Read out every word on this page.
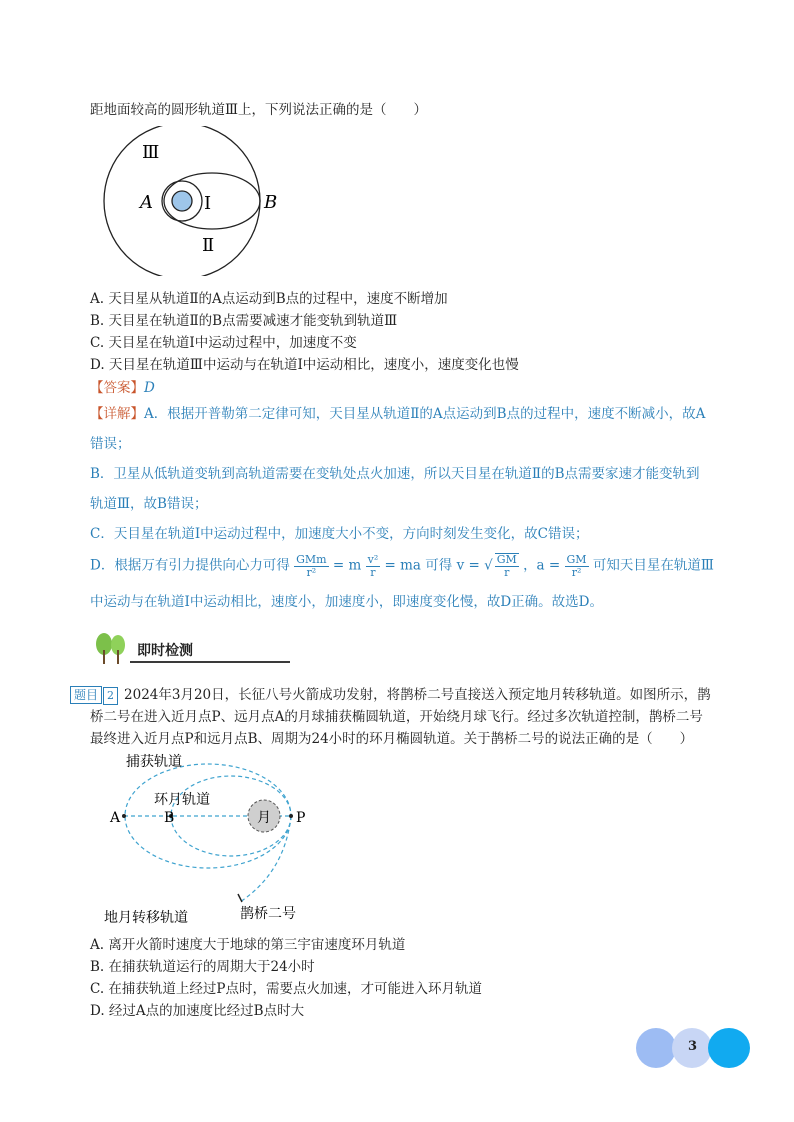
距地面较高的圆形轨道Ⅲ上，下列说法正确的是（　　）
Ⅲ
Ⅰ
Ⅱ
A	B
A. 天目星从轨道Ⅱ的A点运动到B点的过程中，速度不断增加
B. 天目星在轨道Ⅱ的B点需要减速才能变轨到轨道Ⅲ
C. 天目星在轨道Ⅰ中运动过程中，加速度不变
D. 天目星在轨道Ⅲ中运动与在轨道Ⅰ中运动相比，速度小，速度变化也慢
【答案】D
【详解】A．根据开普勒第二定律可知，天目星从轨道Ⅱ的A点运动到B点的过程中，速度不断减小，故A
错误；
B．卫星从低轨道变轨到高轨道需要在变轨处点火加速，所以天目星在轨道Ⅱ的B点需要家速才能变轨到
轨道Ⅲ，故B错误；
C．天目星在轨道Ⅰ中运动过程中，加速度大小不变，方向时刻发生变化，故C错误；
D．根据万有引力提供向心力可得 $\frac{\text{GMm}}{\text{r²}} = m \frac{\text{v²}}{r}$ = ma 可得 v = √ $\frac{GM}{r}$ ，$a = \frac{GM}{\text{r²}}$ 可知天目星在轨道Ⅲ
中运动与在轨道Ⅰ中运动相比，速度小，加速度小，即速度变化慢，故D正确。故选D。
即时检测
题目 2 2024年3月20日，长征八号火箭成功发射，将鹊桥二号直接送入预定地月转移轨道。如图所示，鹊
桥二号在进入近月点P、远月点A的月球捕获椭圆轨道，开始绕月球飞行。经过多次轨道控制，鹊桥二号
最终进入近月点P和远月点B、周期为24小时的环月椭圆轨道。关于鹊桥二号的说法正确的是（　　）
月
A	B	P
捕获轨道
环月轨道
地月转移轨道	鹊桥二号
A. 离开火箭时速度大于地球的第三宇宙速度环月轨道
B. 在捕获轨道运行的周期大于24小时
C. 在捕获轨道上经过P点时，需要点火加速，才可能进入环月轨道
D. 经过A点的加速度比经过B点时大
3
